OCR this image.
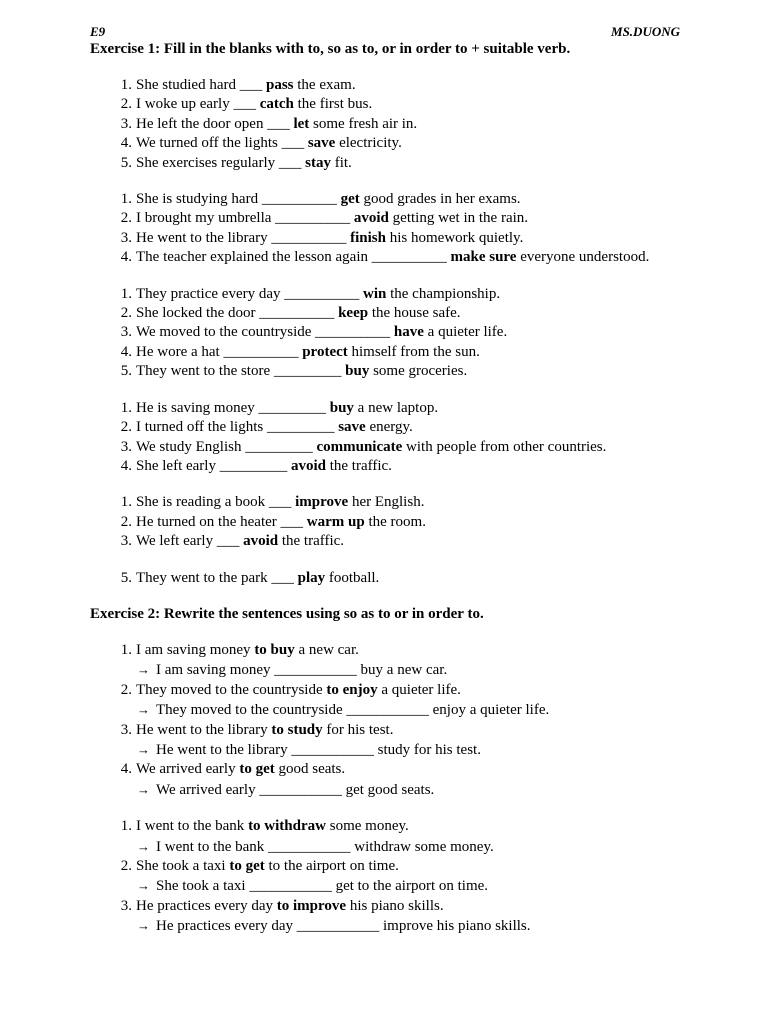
E9	MS.DUONG
Exercise 1: Fill in the blanks with to, so as to, or in order to + suitable verb.
1. She studied hard ___ pass the exam.
2. I woke up early ___ catch the first bus.
3. He left the door open ___ let some fresh air in.
4. We turned off the lights ___ save electricity.
5. She exercises regularly ___ stay fit.
1. She is studying hard __________ get good grades in her exams.
2. I brought my umbrella __________ avoid getting wet in the rain.
3. He went to the library __________ finish his homework quietly.
4. The teacher explained the lesson again __________ make sure everyone understood.
1. They practice every day __________ win the championship.
2. She locked the door __________ keep the house safe.
3. We moved to the countryside __________ have a quieter life.
4. He wore a hat __________ protect himself from the sun.
5. They went to the store _________ buy some groceries.
1. He is saving money _________ buy a new laptop.
2. I turned off the lights _________ save energy.
3. We study English _________ communicate with people from other countries.
4. She left early _________ avoid the traffic.
1. She is reading a book ___ improve her English.
2. He turned on the heater ___ warm up the room.
3. We left early ___ avoid the traffic.
5. They went to the park ___ play football.
Exercise 2: Rewrite the sentences using so as to or in order to.
1. I am saving money to buy a new car.
→ I am saving money ___________ buy a new car.
2. They moved to the countryside to enjoy a quieter life.
→ They moved to the countryside ___________ enjoy a quieter life.
3. He went to the library to study for his test.
→ He went to the library ___________ study for his test.
4. We arrived early to get good seats.
→ We arrived early ___________ get good seats.
1. I went to the bank to withdraw some money.
→ I went to the bank ___________ withdraw some money.
2. She took a taxi to get to the airport on time.
→ She took a taxi ___________ get to the airport on time.
3. He practices every day to improve his piano skills.
→ He practices every day ___________ improve his piano skills.
